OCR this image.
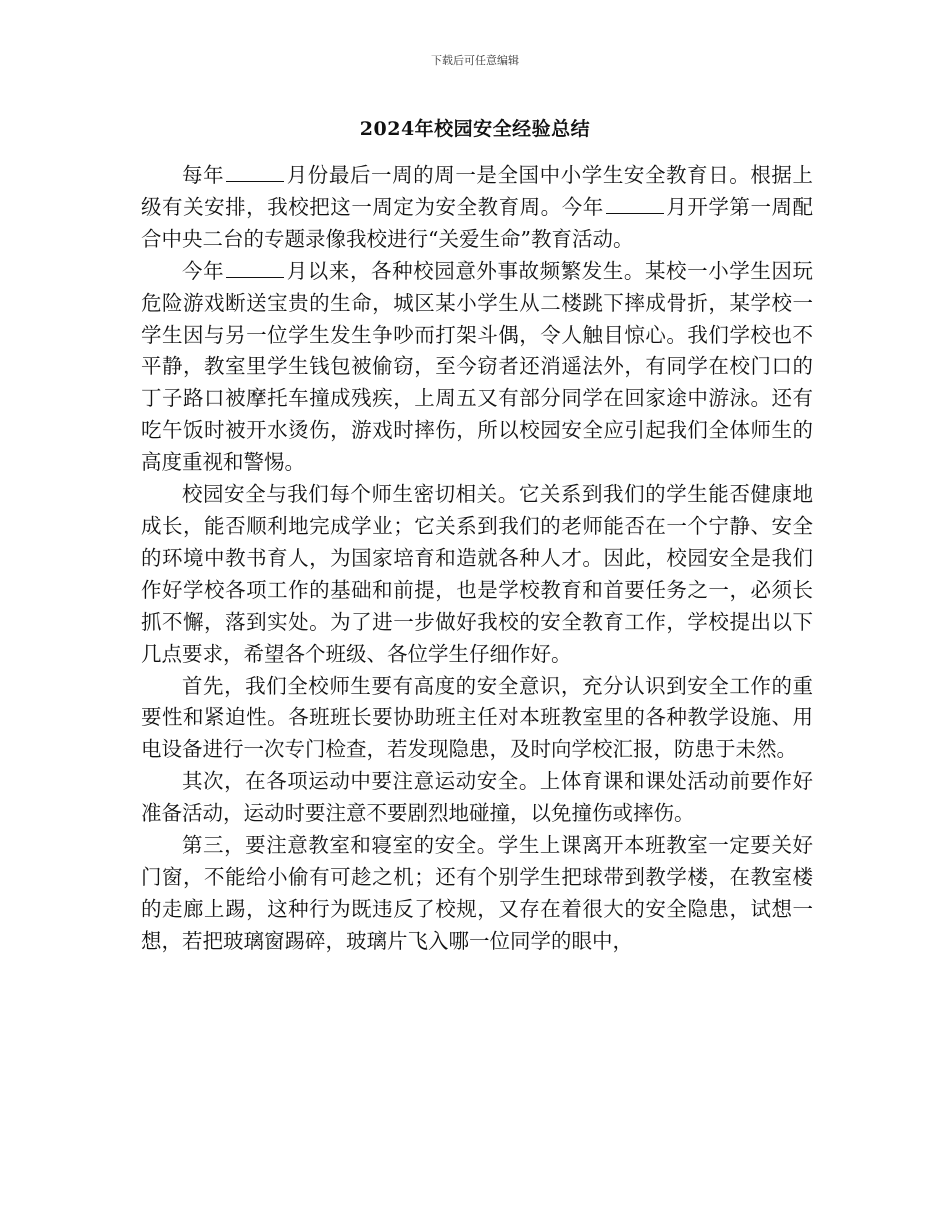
下载后可任意编辑
2024年校园安全经验总结

每年	月份最后一周的周一是全国中小学生安全教育日。根据上级有关安排，我校把这一周定为安全教育周。今年	月开学第一周配合中央二台的专题录像我校进行“关爱生命”教育活动。

今年	月以来，各种校园意外事故频繁发生。某校一小学生因玩危险游戏断送宝贵的生命，城区某小学生从二楼跳下摔成骨折，某学校一学生因与另一位学生发生争吵而打架斗偶，令人触目惊心。我们学校也不平静，教室里学生钱包被偷窃，至今窃者还消遥法外，有同学在校门口的丁子路口被摩托车撞成残疾，上周五又有部分同学在回家途中游泳。还有吃午饭时被开水烫伤，游戏时摔伤，所以校园安全应引起我们全体师生的高度重视和警惕。

校园安全与我们每个师生密切相关。它关系到我们的学生能否健康地成长，能否顺利地完成学业；它关系到我们的老师能否在一个宁静、安全的环境中教书育人，为国家培育和造就各种人才。因此，校园安全是我们作好学校各项工作的基础和前提，也是学校教育和首要任务之一，必须长抓不懈，落到实处。为了进一步做好我校的安全教育工作，学校提出以下几点要求，希望各个班级、各位学生仔细作好。

首先，我们全校师生要有高度的安全意识，充分认识到安全工作的重要性和紧迫性。各班班长要协助班主任对本班教室里的各种教学设施、用电设备进行一次专门检查，若发现隐患，及时向学校汇报，防患于未然。

其次，在各项运动中要注意运动安全。上体育课和课处活动前要作好准备活动，运动时要注意不要剧烈地碰撞，以免撞伤或摔伤。

第三，要注意教室和寝室的安全。学生上课离开本班教室一定要关好门窗，不能给小偷有可趁之机；还有个别学生把球带到教学楼，在教室楼的走廊上踢，这种行为既违反了校规，又存在着很大的安全隐患，试想一想，若把玻璃窗踢碎，玻璃片飞入哪一位同学的眼中，
